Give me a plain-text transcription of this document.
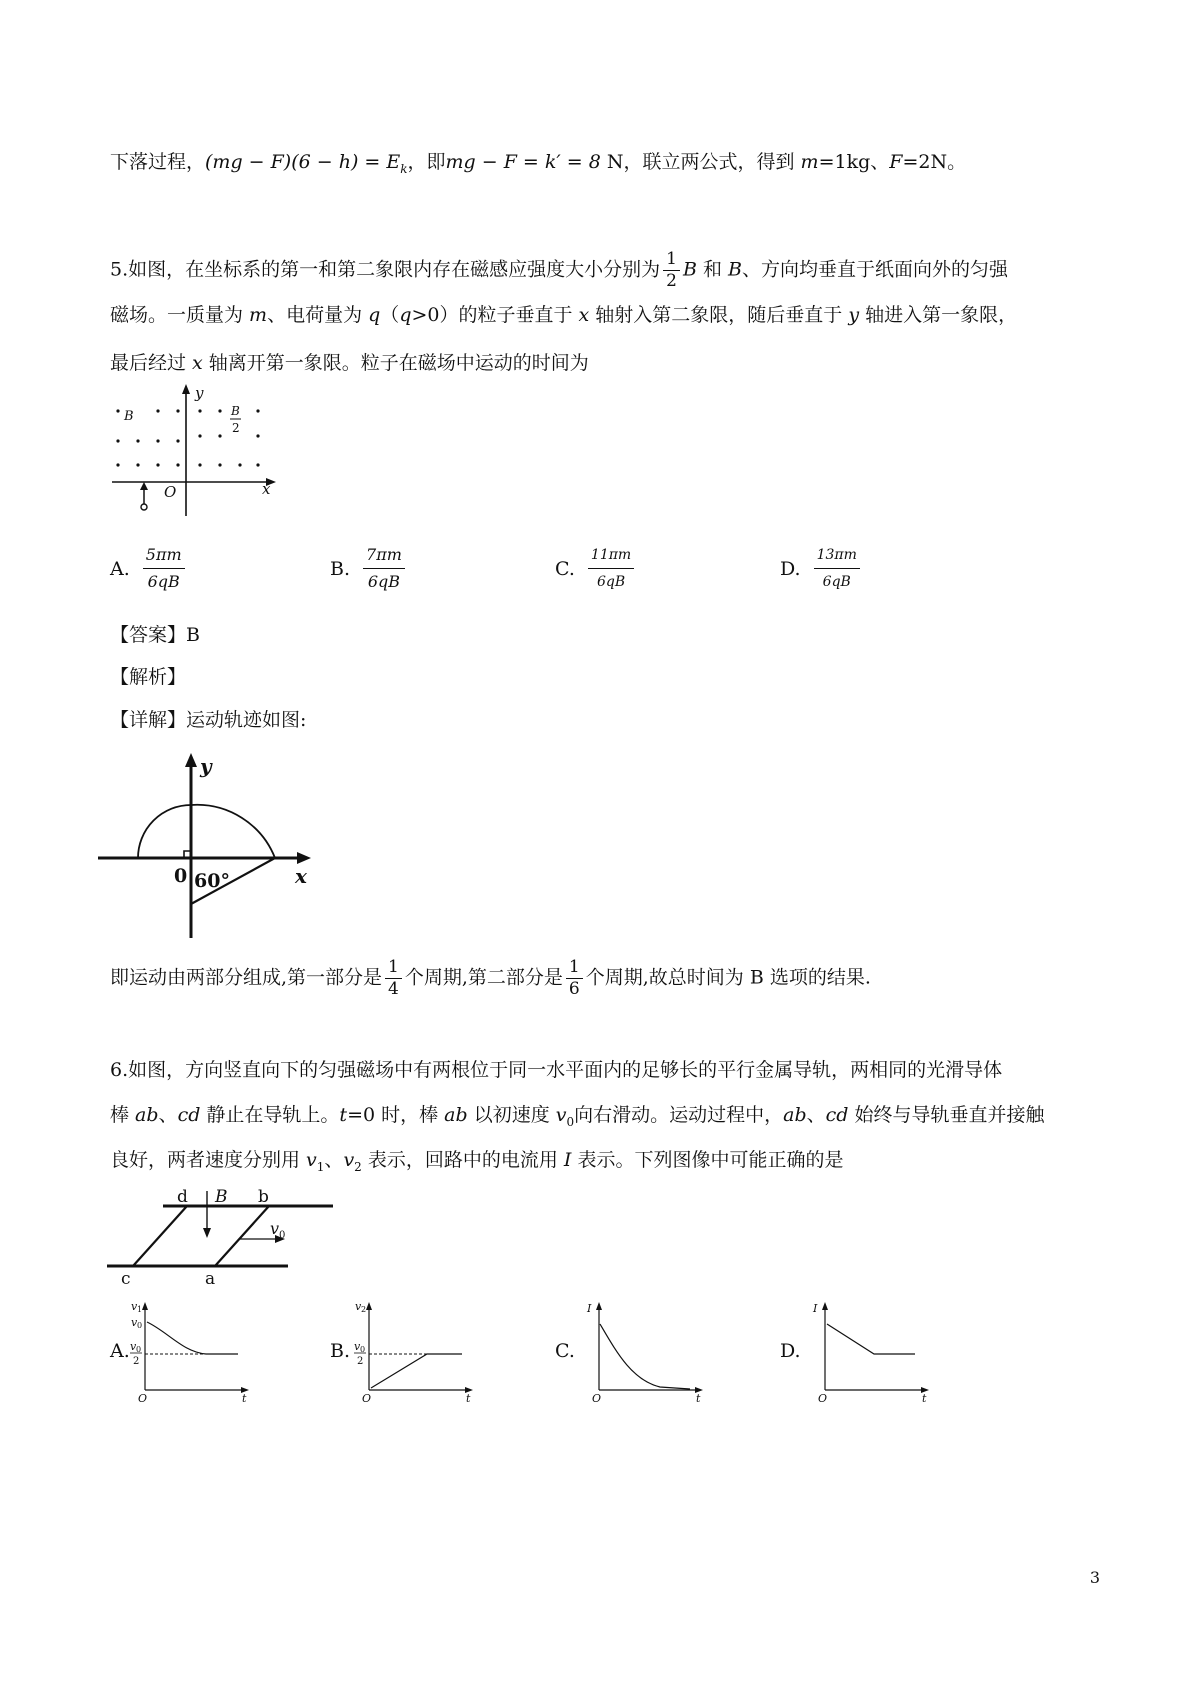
下落过程，$(mg - F)(6 - h) = E_k$，即mg − F = k′ = 8 N，联立两公式，得到 m=1kg、F=2N。
5.如图，在坐标系的第一和第二象限内存在磁感应强度大小分别为 $\frac{1}{2}$ B 和 B、方向均垂直于纸面向外的匀强
磁场。一质量为 m、电荷量为 q（q>0）的粒子垂直于 x 轴射入第二象限，随后垂直于 y 轴进入第一象限，
最后经过 x 轴离开第一象限。粒子在磁场中运动的时间为
y
x
O
B	B
2
A. $\frac{5\pi m}{6qB}$	B. $\frac{7\pi m}{6qB}$	C. $\frac{11\pi m}{6qB}$	D. $\frac{13\pi m}{6qB}$
【答案】B
【解析】
【详解】运动轨迹如图:
y
x
0 60°
即运动由两部分组成,第一部分是 $\frac{1}{4}$ 个周期,第二部分是 $\frac{1}{6}$ 个周期,故总时间为 B 选项的结果.
6.如图，方向竖直向下的匀强磁场中有两根位于同一水平面内的足够长的平行金属导轨，两相同的光滑导体
棒 ab、cd 静止在导轨上。t=0 时，棒 ab 以初速度 $v_0$向右滑动。运动过程中，ab、cd 始终与导轨垂直并接触
良好，两者速度分别用 $v_1$、$v_2$ 表示，回路中的电流用 I 表示。下列图像中可能正确的是
d	b
c	a
B
v 0
A.
v 1
v 0
v 0
2
O	t
B.
v 2
v 0
2
O	t
C.
I
O	t
D.
I
O	t
3
